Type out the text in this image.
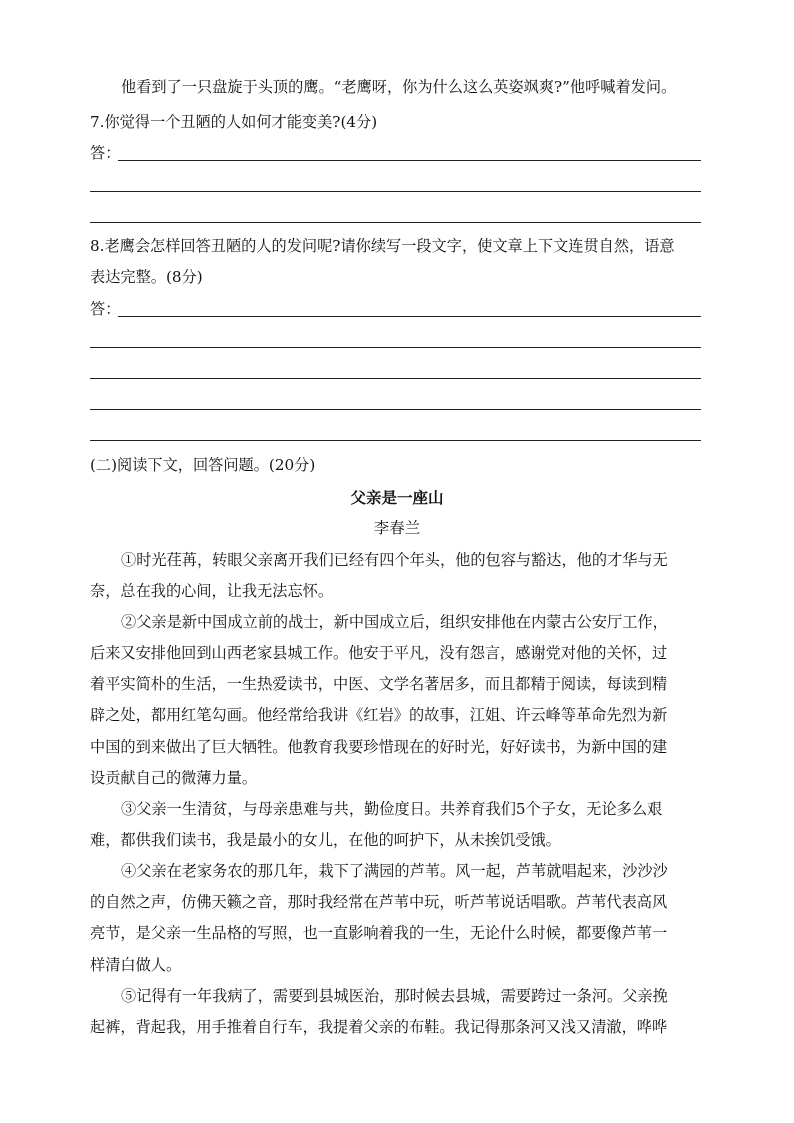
他看到了一只盘旋于头顶的鹰。“老鹰呀，你为什么这么英姿飒爽?”他呼喊着发问。
7.你觉得一个丑陋的人如何才能变美?(4分)
答：
8.老鹰会怎样回答丑陋的人的发问呢?请你续写一段文字，使文章上下文连贯自然，语意
表达完整。(8分)
答：
(二)阅读下文，回答问题。(20分)
父亲是一座山
李春兰
①时光荏苒，转眼父亲离开我们已经有四个年头，他的包容与豁达，他的才华与无
奈，总在我的心间，让我无法忘怀。
②父亲是新中国成立前的战士，新中国成立后，组织安排他在内蒙古公安厅工作，
后来又安排他回到山西老家县城工作。他安于平凡，没有怨言，感谢党对他的关怀，过
着平实简朴的生活，一生热爱读书，中医、文学名著居多，而且都精于阅读，每读到精
辟之处，都用红笔勾画。他经常给我讲《红岩》的故事，江姐、许云峰等革命先烈为新
中国的到来做出了巨大牺牲。他教育我要珍惜现在的好时光，好好读书，为新中国的建
设贡献自己的微薄力量。
③父亲一生清贫，与母亲患难与共，勤俭度日。共养育我们5个子女，无论多么艰
难，都供我们读书，我是最小的女儿，在他的呵护下，从未挨饥受饿。
④父亲在老家务农的那几年，栽下了满园的芦苇。风一起，芦苇就唱起来，沙沙沙
的自然之声，仿佛天籁之音，那时我经常在芦苇中玩，听芦苇说话唱歌。芦苇代表高风
亮节，是父亲一生品格的写照，也一直影响着我的一生，无论什么时候，都要像芦苇一
样清白做人。
⑤记得有一年我病了，需要到县城医治，那时候去县城，需要跨过一条河。父亲挽
起裤，背起我，用手推着自行车，我提着父亲的布鞋。我记得那条河又浅又清澈，哗哗
